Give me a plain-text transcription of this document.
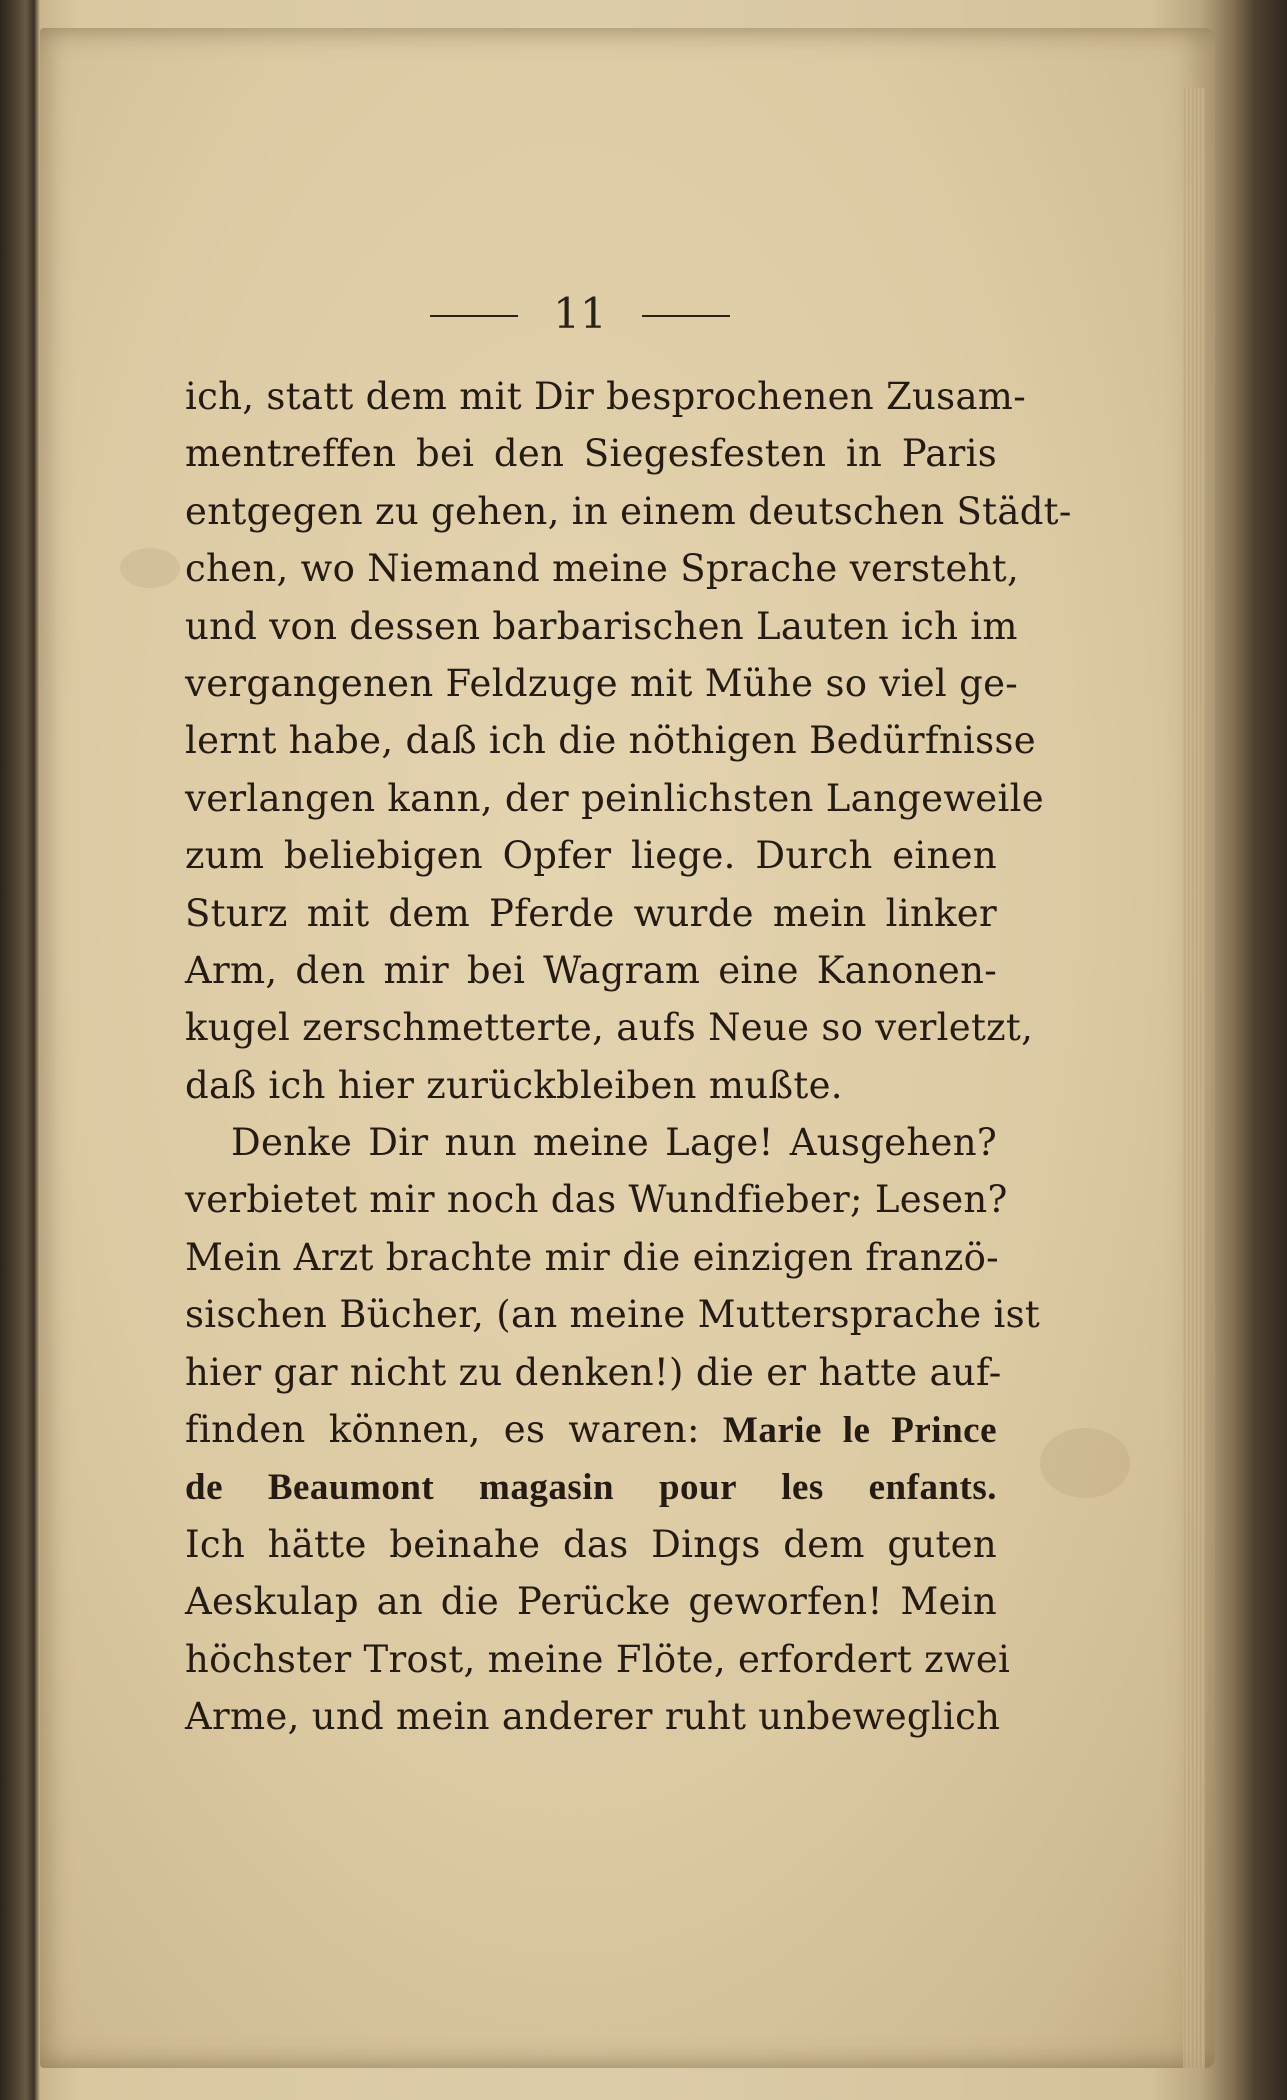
11
ich, statt dem mit Dir besprochenen Zusam-
mentreffen bei den Siegesfesten in Paris
entgegen zu gehen, in einem deutschen Städt-
chen, wo Niemand meine Sprache versteht,
und von dessen barbarischen Lauten ich im
vergangenen Feldzuge mit Mühe so viel ge-
lernt habe, daß ich die nöthigen Bedürfnisse
verlangen kann, der peinlichsten Langeweile
zum beliebigen Opfer liege. Durch einen
Sturz mit dem Pferde wurde mein linker
Arm, den mir bei Wagram eine Kanonen-
kugel zerschmetterte, aufs Neue so verletzt,
daß ich hier zurückbleiben mußte.
Denke Dir nun meine Lage! Ausgehen?
verbietet mir noch das Wundfieber; Lesen?
Mein Arzt brachte mir die einzigen franzö-
sischen Bücher, (an meine Muttersprache ist
hier gar nicht zu denken!) die er hatte auf-
finden können, es waren: Marie le Prince
de Beaumont magasin pour les enfants.
Ich hätte beinahe das Dings dem guten
Aeskulap an die Perücke geworfen! Mein
höchster Trost, meine Flöte, erfordert zwei
Arme, und mein anderer ruht unbeweglich
